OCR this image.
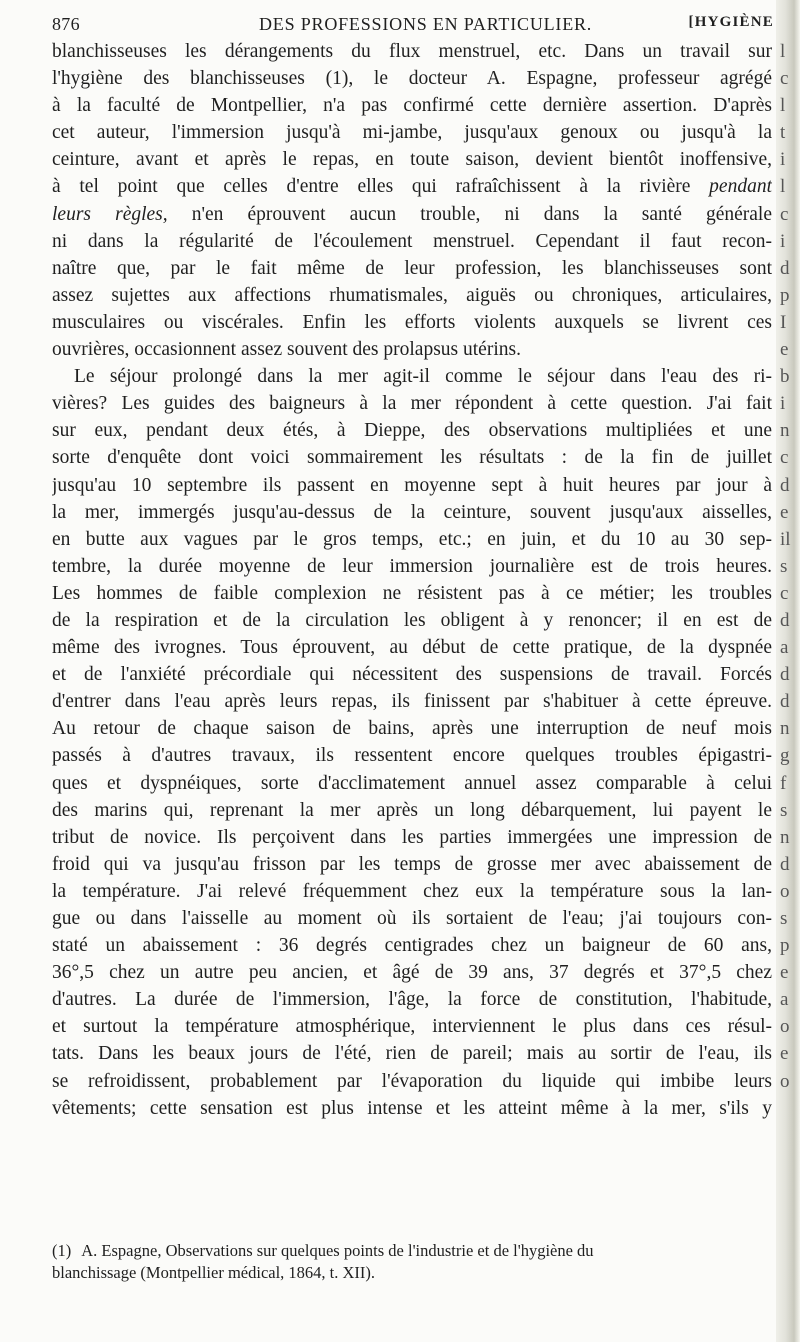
876	DES PROFESSIONS EN PARTICULIER.	[HYGIÈNE
blanchisseuses les dérangements du flux menstruel, etc. Dans un travail sur
l'hygiène des blanchisseuses (1), le docteur A. Espagne, professeur agrégé
à la faculté de Montpellier, n'a pas confirmé cette dernière assertion. D'après
cet auteur, l'immersion jusqu'à mi-jambe, jusqu'aux genoux ou jusqu'à la
ceinture, avant et après le repas, en toute saison, devient bientôt inoffensive,
à tel point que celles d'entre elles qui rafraîchissent à la rivière pendant
leurs règles, n'en éprouvent aucun trouble, ni dans la santé générale
ni dans la régularité de l'écoulement menstruel. Cependant il faut recon-
naître que, par le fait même de leur profession, les blanchisseuses sont
assez sujettes aux affections rhumatismales, aiguës ou chroniques, articulaires,
musculaires ou viscérales. Enfin les efforts violents auxquels se livrent ces
ouvrières, occasionnent assez souvent des prolapsus utérins.
Le séjour prolongé dans la mer agit-il comme le séjour dans l'eau des ri-
vières? Les guides des baigneurs à la mer répondent à cette question. J'ai fait
sur eux, pendant deux étés, à Dieppe, des observations multipliées et une
sorte d'enquête dont voici sommairement les résultats : de la fin de juillet
jusqu'au 10 septembre ils passent en moyenne sept à huit heures par jour à
la mer, immergés jusqu'au-dessus de la ceinture, souvent jusqu'aux aisselles,
en butte aux vagues par le gros temps, etc.; en juin, et du 10 au 30 sep-
tembre, la durée moyenne de leur immersion journalière est de trois heures.
Les hommes de faible complexion ne résistent pas à ce métier; les troubles
de la respiration et de la circulation les obligent à y renoncer; il en est de
même des ivrognes. Tous éprouvent, au début de cette pratique, de la dyspnée
et de l'anxiété précordiale qui nécessitent des suspensions de travail. Forcés
d'entrer dans l'eau après leurs repas, ils finissent par s'habituer à cette épreuve.
Au retour de chaque saison de bains, après une interruption de neuf mois
passés à d'autres travaux, ils ressentent encore quelques troubles épigastri-
ques et dyspnéiques, sorte d'acclimatement annuel assez comparable à celui
des marins qui, reprenant la mer après un long débarquement, lui payent le
tribut de novice. Ils perçoivent dans les parties immergées une impression de
froid qui va jusqu'au frisson par les temps de grosse mer avec abaissement de
la température. J'ai relevé fréquemment chez eux la température sous la lan-
gue ou dans l'aisselle au moment où ils sortaient de l'eau; j'ai toujours con-
staté un abaissement : 36 degrés centigrades chez un baigneur de 60 ans,
36°,5 chez un autre peu ancien, et âgé de 39 ans, 37 degrés et 37°,5 chez
d'autres. La durée de l'immersion, l'âge, la force de constitution, l'habitude,
et surtout la température atmosphérique, interviennent le plus dans ces résul-
tats. Dans les beaux jours de l'été, rien de pareil; mais au sortir de l'eau, ils
se refroidissent, probablement par l'évaporation du liquide qui imbibe leurs
vêtements; cette sensation est plus intense et les atteint même à la mer, s'ils y
(1) A. Espagne, Observations sur quelques points de l'industrie et de l'hygiène du
blanchissage (Montpellier médical, 1864, t. XII).
l
c
l
t
i
l
c
i
d
p
I
e
b
i
n
c
d
e
il
s
c
d
a
d
d
n
g
f
s
n
d
o
s
p
e
a
o
e
o
